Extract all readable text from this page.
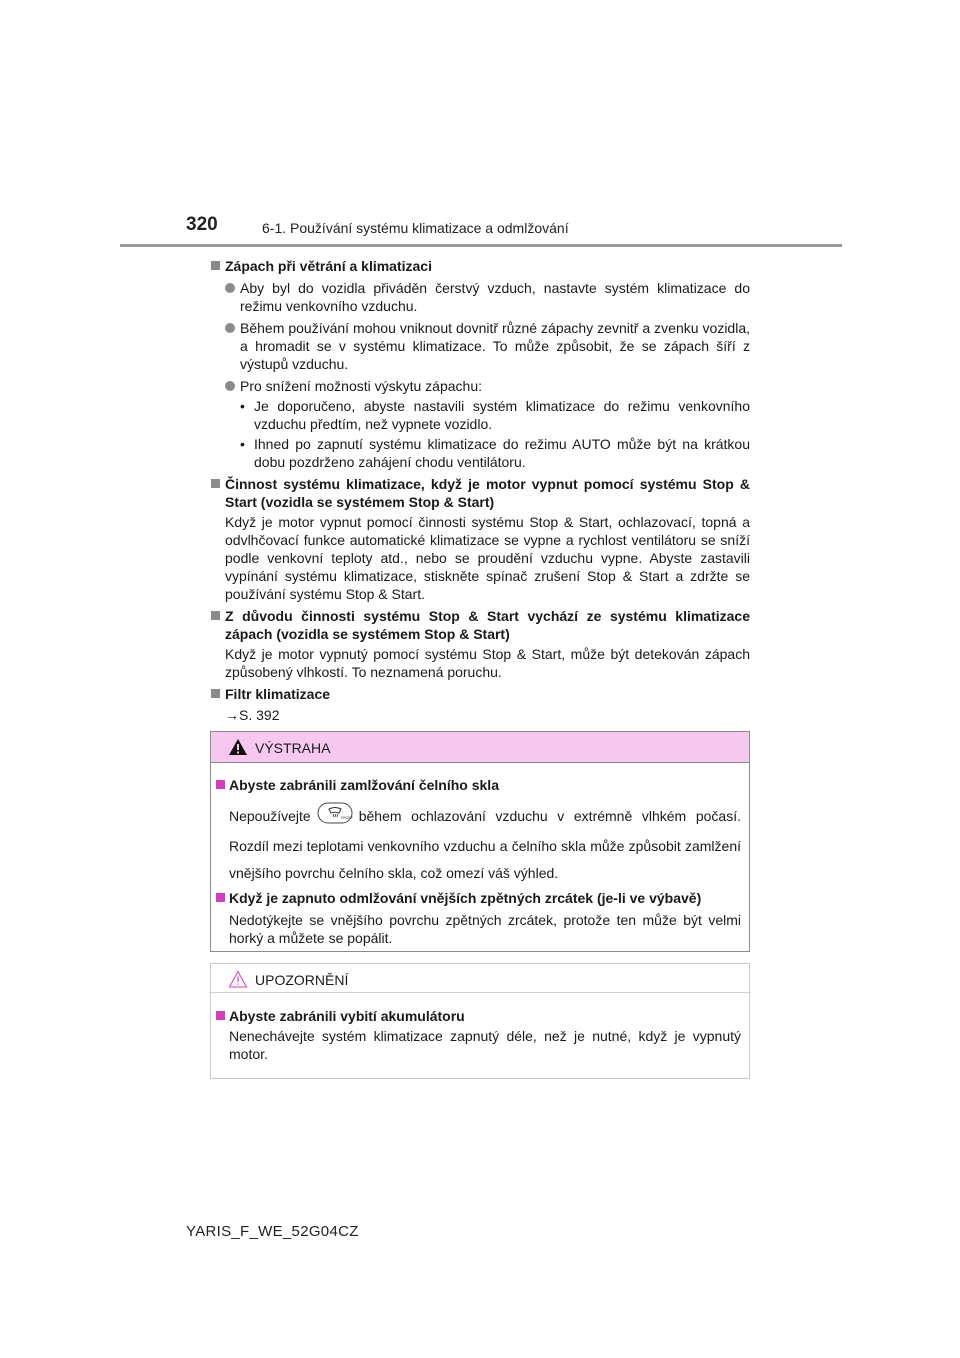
320	6-1. Používání systému klimatizace a odmlžování
Zápach při větrání a klimatizaci
Aby byl do vozidla přiváděn čerstvý vzduch, nastavte systém klimatizace do režimu venkovního vzduchu.
Během používání mohou vniknout dovnitř různé zápachy zevnitř a zvenku vozidla, a hromadit se v systému klimatizace. To může způsobit, že se zápach šíří z výstupů vzduchu.
Pro snížení možnosti výskytu zápachu:
• Je doporučeno, abyste nastavili systém klimatizace do režimu venkovního vzduchu předtím, než vypnete vozidlo.
• Ihned po zapnutí systému klimatizace do režimu AUTO může být na krátkou dobu pozdrženo zahájení chodu ventilátoru.
Činnost systému klimatizace, když je motor vypnut pomocí systému Stop & Start (vozidla se systémem Stop & Start)
Když je motor vypnut pomocí činnosti systému Stop & Start, ochlazovací, topná a odvlhčovací funkce automatické klimatizace se vypne a rychlost ventilátoru se sníží podle venkovní teploty atd., nebo se proudění vzduchu vypne. Abyste zastavili vypínání systému klimatizace, stiskněte spínač zrušení Stop & Start a zdržte se používání systému Stop & Start.
Z důvodu činnosti systému Stop & Start vychází ze systému klimatizace zápach (vozidla se systémem Stop & Start)
Když je motor vypnutý pomocí systému Stop & Start, může být detekován zápach způsobený vlhkostí. To neznamená poruchu.
Filtr klimatizace
→S. 392
VÝSTRAHA
Abyste zabránili zamlžování čelního skla
Nepoužívejte	FRONT během ochlazování vzduchu v extrémně vlhkém počasí. Rozdíl mezi teplotami venkovního vzduchu a čelního skla může způsobit zamlžení vnějšího povrchu čelního skla, což omezí váš výhled.
Když je zapnuto odmlžování vnějších zpětných zrcátek (je-li ve výbavě)
Nedotýkejte se vnějšího povrchu zpětných zrcátek, protože ten může být velmi horký a můžete se popálit.
UPOZORNĚNÍ
Abyste zabránili vybití akumulátoru
Nenechávejte systém klimatizace zapnutý déle, než je nutné, když je vypnutý motor.
YARIS_F_WE_52G04CZ
